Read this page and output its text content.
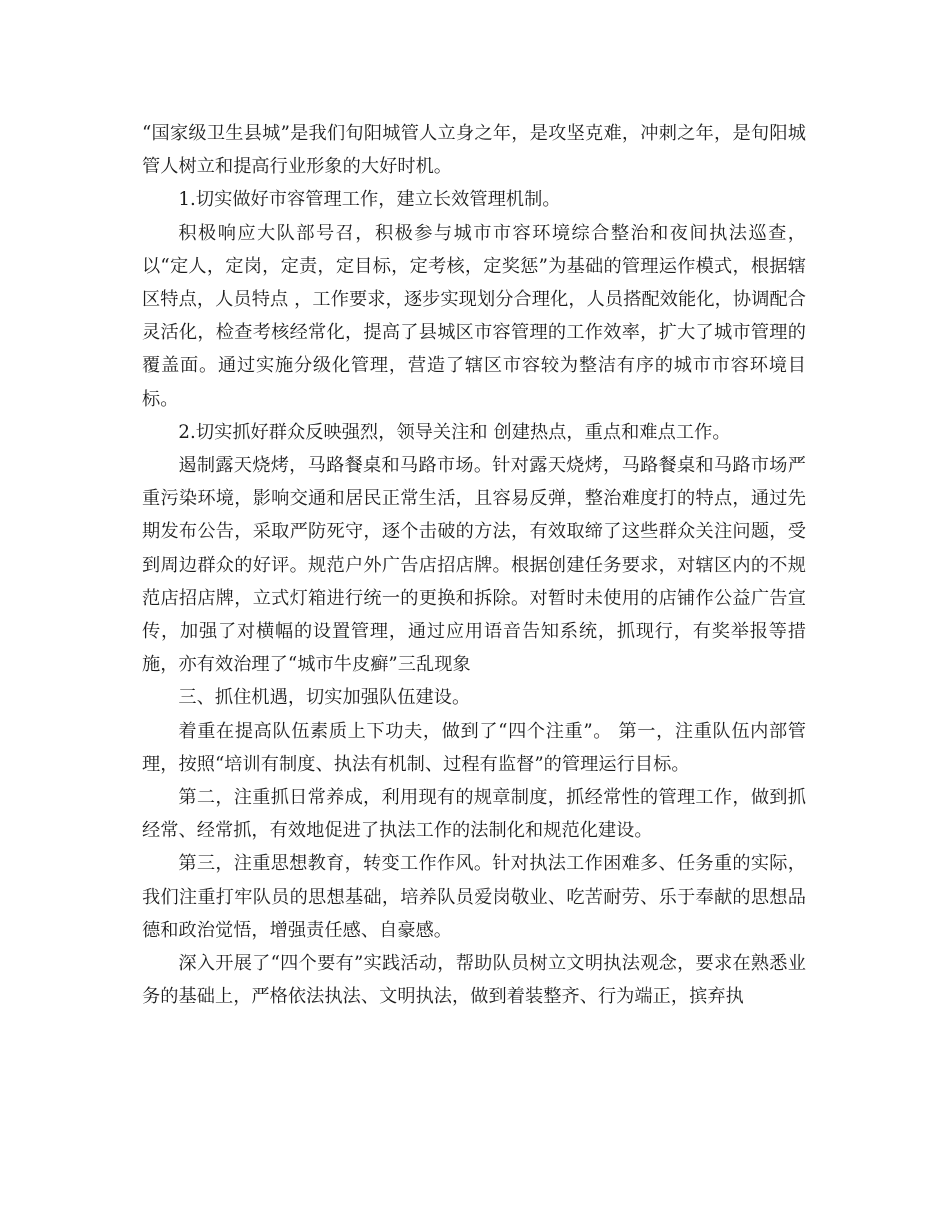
“国家级卫生县城”是我们旬阳城管人立身之年，是攻坚克难，冲刺之年，是旬阳城管人树立和提高行业形象的大好时机。

1.切实做好市容管理工作，建立长效管理机制。

积极响应大队部号召，积极参与城市市容环境综合整治和夜间执法巡查，以“定人，定岗，定责，定目标，定考核，定奖惩”为基础的管理运作模式，根据辖区特点，人员特点 ，工作要求，逐步实现划分合理化，人员搭配效能化，协调配合灵活化，检查考核经常化，提高了县城区市容管理的工作效率，扩大了城市管理的覆盖面。通过实施分级化管理，营造了辖区市容较为整洁有序的城市市容环境目标。

2.切实抓好群众反映强烈，领导关注和 创建热点，重点和难点工作。

遏制露天烧烤，马路餐桌和马路市场。针对露天烧烤，马路餐桌和马路市场严重污染环境，影响交通和居民正常生活，且容易反弹，整治难度打的特点，通过先期发布公告，采取严防死守，逐个击破的方法，有效取缔了这些群众关注问题，受到周边群众的好评。规范户外广告店招店牌。根据创建任务要求，对辖区内的不规范店招店牌，立式灯箱进行统一的更换和拆除。对暂时未使用的店铺作公益广告宣传，加强了对横幅的设置管理，通过应用语音告知系统，抓现行，有奖举报等措施，亦有效治理了“城市牛皮癣”三乱现象

三、抓住机遇，切实加强队伍建设。

着重在提高队伍素质上下功夫，做到了“四个注重”。 第一，注重队伍内部管理，按照“培训有制度、执法有机制、过程有监督”的管理运行目标。

第二，注重抓日常养成，利用现有的规章制度，抓经常性的管理工作，做到抓经常、经常抓，有效地促进了执法工作的法制化和规范化建设。

第三，注重思想教育，转变工作作风。针对执法工作困难多、任务重的实际，我们注重打牢队员的思想基础，培养队员爱岗敬业、吃苦耐劳、乐于奉献的思想品德和政治觉悟，增强责任感、自豪感。

深入开展了“四个要有”实践活动，帮助队员树立文明执法观念，要求在熟悉业务的基础上，严格依法执法、文明执法，做到着装整齐、行为端正，摈弃执
